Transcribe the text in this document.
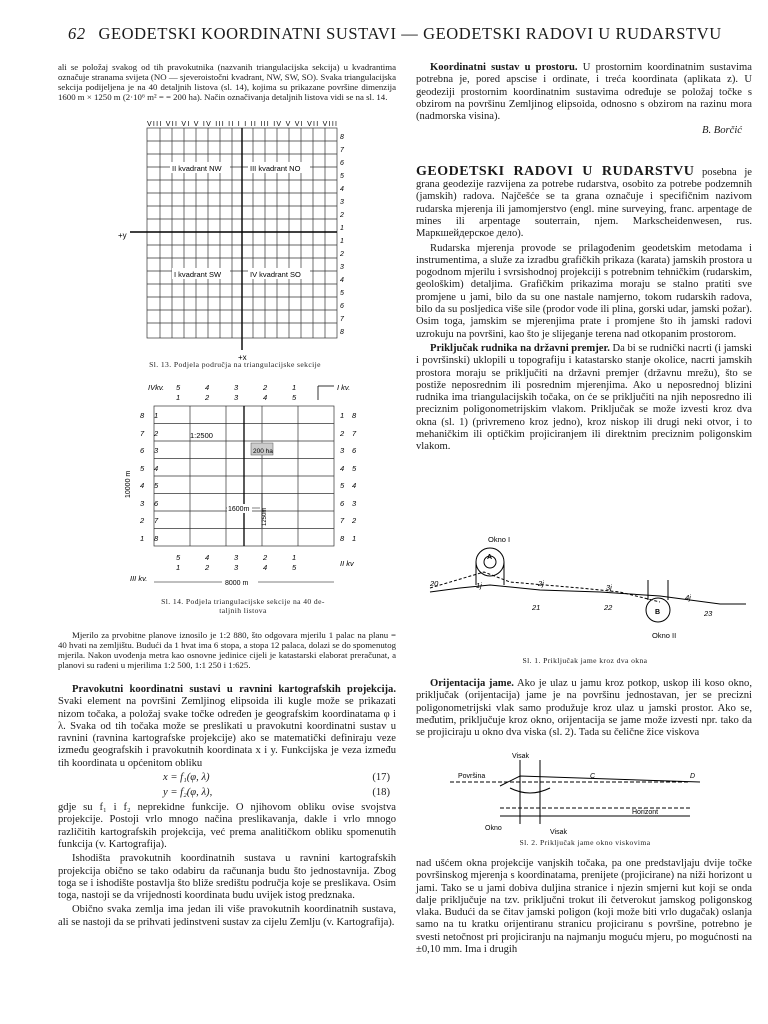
62 GEODETSKI KOORDINATNI SUSTAVI — GEODETSKI RADOVI U RUDARSTVU

ali se položaj svakog od tih pravokutnika (nazvanih triangulacijska sekcija) u kvadrantima označuje stranama svijeta (NO — sjeveroistočni kvadrant, NW, SW, SO). Svaka triangulacijska sekcija podijeljena je na 40 detaljnih listova (sl. 14), kojima su prikazane površine dimenzija 1600 m × 1250 m (2·10⁶ m² = = 200 ha). Način označivanja detaljnih listova vidi se na sl. 14.

VIII VII VI V IV III II I I II III IV V VI VII VIII
II kvadrant NW	III kvadrant NO
I kvadrant SW	IV kvadrant SO
+y
+x
8
7
6
5
4
3
2
1
1
2
3
4
5
6
7
8
Sl. 13. Podjela područja na triangulacijske sekcije
IVkv.	I kv.
5	4	3	2	1
1	2	3	4	5
1:2500
200 ha
1600m 1250m
8 1
7 2
6 3
5 4
4 5
3 6
2 7
1 8
1 8
2 7
3 6
4 5
5 4
6 3
7 2
8 1
5	4	3	2	1
1	2	3	4	5
III kv.
II kv
10000 m
8000 m
Sl. 14. Podjela triangulacijske sekcije na 40 de-
taljnih listova

Mjerilo za prvobitne planove iznosilo je 1:2 880, što odgovara mjerilu 1 palac na planu = 40 hvati na zemljištu. Budući da 1 hvat ima 6 stopa, a stopa 12 palaca, dolazi se do spomenutog mjerila. Nakon uvođenja metra kao osnovne jedinice cijeli je katastarski elaborat preračunat, a planovi su rađeni u mjerilima 1:2 500, 1:1 250 i 1:625.

Pravokutni koordinatni sustavi u ravnini kartografskih projekcija. Svaki element na površini Zemljinog elipsoida ili kugle može se prikazati nizom točaka, a položaj svake točke određen je geografskim koordinatama φ i λ. Svaka od tih točaka može se preslikati u pravokutni koordinatni sustav u ravnini (ravnina kartografske projekcije) ako se matematički definiraju veze između geografskih i pravokutnih koordinata x i y. Funkcijska je veza između tih koordinata u općenitom obliku

x = f₁(φ, λ)	(17)
y = f₂(φ, λ),	(18)

gdje su f₁ i f₂ neprekidne funkcije. O njihovom obliku ovise svojstva projekcije. Postoji vrlo mnogo načina preslikavanja, dakle i vrlo mnogo različitih kartografskih projekcija, već prema analitičkom obliku spomenutih funkcija (v. Kartografija).

Ishodišta pravokutnih koordinatnih sustava u ravnini kartografskih projekcija obično se tako odabiru da računanja budu što jednostavnija. Zbog toga se i ishodište postavlja što bliže središtu područja koje se preslikava. Osim toga, nastoji se da vrijednosti koordinata budu uvijek istog predznaka.

Obično svaka zemlja ima jedan ili više pravokutnih koordinatnih sustava, ali se nastoji da se prihvati jedinstveni sustav za cijelu Zemlju (v. Kartografija).

Koordinatni sustav u prostoru. U prostornim koordinatnim sustavima potrebna je, pored apscise i ordinate, i treća koordinata (aplikata z). U geodeziji prostornim koordinatnim sustavima određuje se položaj točke s obzirom na površinu Zemljinog elipsoida, odnosno s obzirom na razinu mora (nadmorska visina).

B. Borčić

GEODETSKI RADOVI U RUDARSTVU posebna je grana geodezije razvijena za potrebe rudarstva, osobito za potrebe podzemnih (jamskih) radova. Najčešće se ta grana označuje i specifičnim nazivom rudarska mjerenja ili jamomjerstvo (engl. mine surveying, franc. arpentage de mines ili arpentage souterrain, njem. Markscheidenwesen, rus. Маркшейдерское дело).

Rudarska mjerenja provode se prilagođenim geodetskim metodama i instrumentima, a služe za izradbu grafičkih prikaza (karata) jamskih prostora u pogodnom mjerilu i svrsishodnoj projekciji s potrebnim tehničkim (rudarskim, geološkim) detaljima. Grafičkim prikazima moraju se stalno pratiti sve promjene u jami, bilo da su one nastale namjerno, tokom rudarskih radova, bilo da su posljedica više sile (prodor vode ili plina, gorski udar, jamski požar). Osim toga, jamskim se mjerenjima prate i promjene što ih jamski radovi uzrokuju na površini, kao što je slijeganje terena nad otkopanim prostorom.

Priključak rudnika na državni premjer. Da bi se rudnički nacrti (i jamski i površinski) uklopili u topografiju i katastarsko stanje okolice, nacrti jamskih prostora moraju se priključiti na državni premjer (državnu mrežu), što se postiže neposrednim ili posrednim mjerenjima. Ako u neposrednoj blizini rudnika ima triangulacijskih točaka, on će se priključiti na njih neposredno ili preciznim poligonometrijskim vlakom. Priključak se može izvesti kroz dva okna (sl. 1) (privremeno kroz jedno), kroz niskop ili drugi neki otvor, i to mehaničkim ili optičkim projiciranjem ili direktnim preciznim poligonskim vlakom.

Okno I
A
B
Okno II
1j	2j	3j
4j
20
21	22
23
Sl. 1. Priključak jame kroz dva okna

Orijentacija jame. Ako je ulaz u jamu kroz potkop, uskop ili koso okno, priključak (orijentacija) jame je na površinu jednostavan, jer se precizni poligonometrijski vlak samo produžuje kroz ulaz u jamski prostor. Ako se, međutim, priključuje kroz okno, orijentacija se jame može izvesti npr. tako da se projiciraju u okno dva viska (sl. 2). Tada su čelične žice viskova

Visak
Površina	C	D
Horizont
Okno
Visak
Sl. 2. Priključak jame okno viskovima

nad ušćem okna projekcije vanjskih točaka, pa one predstavljaju dvije točke površinskog mjerenja s koordinatama, prenijete (projicirane) na niži horizont u jami. Tako se u jami dobiva duljina stranice i njezin smjerni kut koji se onda dalje priključuje na tzv. priključni trokut ili četverokut jamskog poligonskog vlaka. Budući da se čitav jamski poligon (koji može biti vrlo dugačak) oslanja samo na tu kratku orijentiranu stranicu projiciranu s površine, potrebno je svesti netočnost pri projiciranju na najmanju moguću mjeru, po mogućnosti na ±0,10 mm. Ima i drugih
